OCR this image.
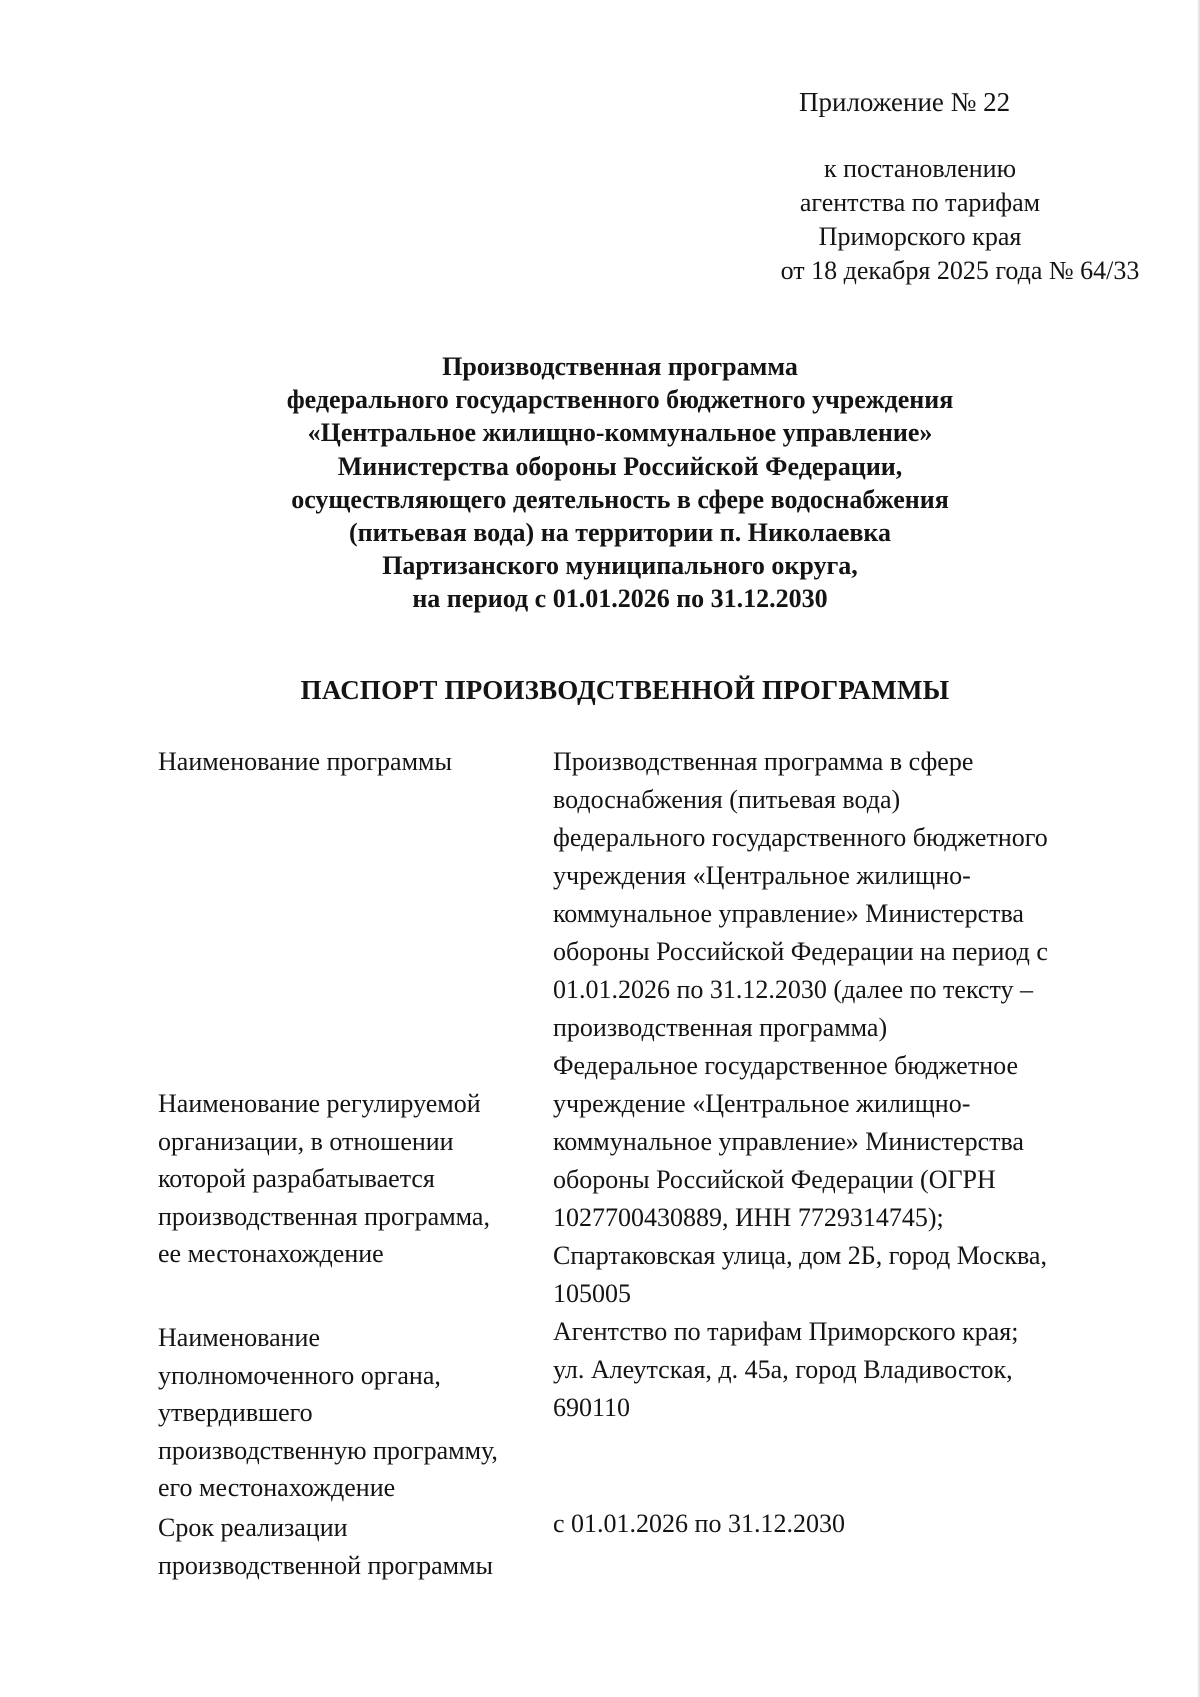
Приложение № 22
к постановлению
агентства по тарифам
Приморского края
от 18 декабря 2025 года № 64/33
Производственная программа
федерального государственного бюджетного учреждения
«Центральное жилищно-коммунальное управление»
Министерства обороны Российской Федерации,
осуществляющего деятельность в сфере водоснабжения
(питьевая вода) на территории п. Николаевка
Партизанского муниципального округа,
на период с 01.01.2026 по 31.12.2030
ПАСПОРТ ПРОИЗВОДСТВЕННОЙ ПРОГРАММЫ
Наименование программы	Производственная программа в сфере
водоснабжения (питьевая вода)
федерального государственного бюджетного
учреждения «Центральное жилищно-
коммунальное управление» Министерства
обороны Российской Федерации на период с
01.01.2026 по 31.12.2030 (далее по тексту –
производственная программа)
Наименование регулируемой
организации, в отношении
которой разрабатывается
производственная программа,
ее местонахождение
Федеральное государственное бюджетное
учреждение «Центральное жилищно-
коммунальное управление» Министерства
обороны Российской Федерации (ОГРН
1027700430889, ИНН 7729314745);
Спартаковская улица, дом 2Б, город Москва,
105005
Наименование
уполномоченного органа,
утвердившего
производственную программу,
его местонахождение
Агентство по тарифам Приморского края;
ул. Алеутская, д. 45а, город Владивосток,
690110
Срок реализации
производственной программы
с 01.01.2026 по 31.12.2030
